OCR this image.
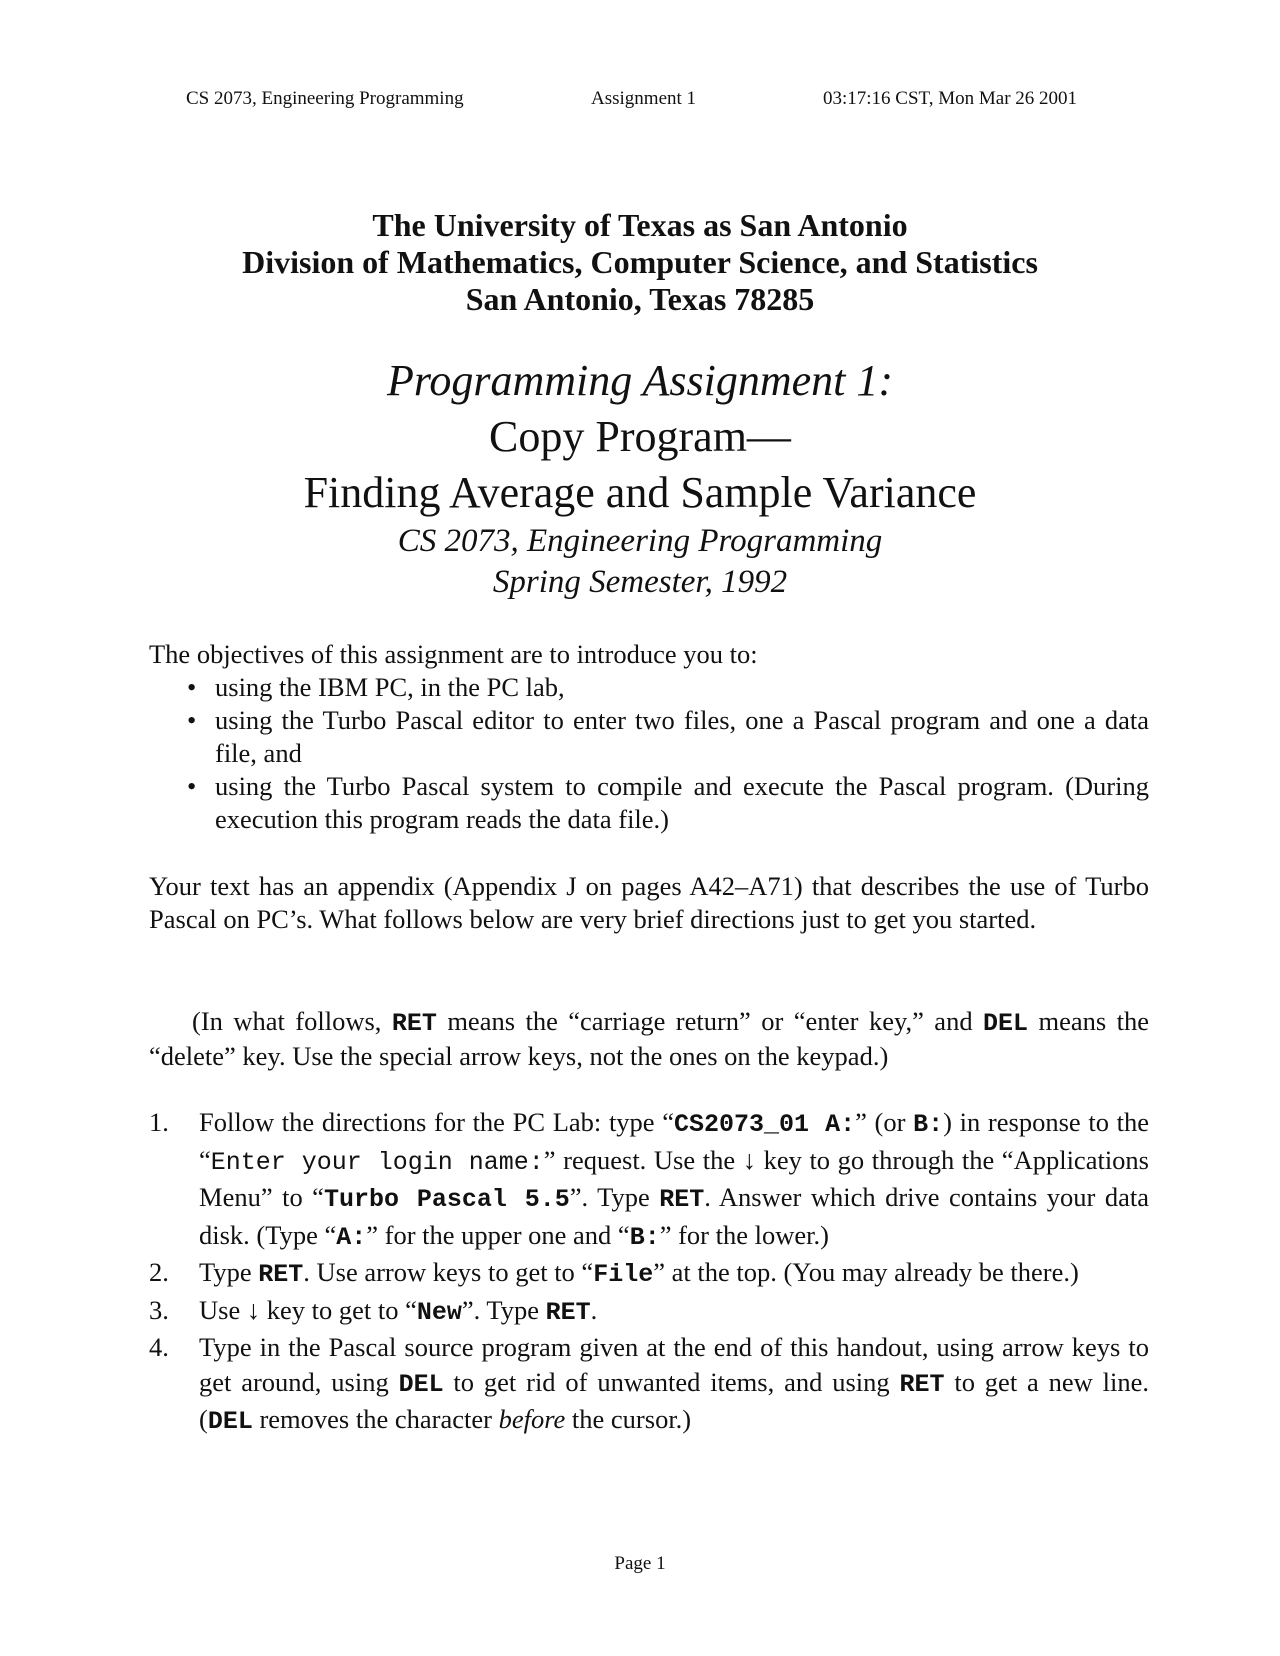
CS 2073, Engineering Programming	Assignment 1	03:17:16 CST, Mon Mar 26 2001
The University of Texas as San Antonio
Division of Mathematics, Computer Science, and Statistics
San Antonio, Texas 78285
Programming Assignment 1:
Copy Program—
Finding Average and Sample Variance
CS 2073, Engineering Programming
Spring Semester, 1992

The objectives of this assignment are to introduce you to:

• using the IBM PC, in the PC lab,
• using the Turbo Pascal editor to enter two files, one a Pascal program and one a data file, and
• using the Turbo Pascal system to compile and execute the Pascal program. (During execution this program reads the data file.)

Your text has an appendix (Appendix J on pages A42–A71) that describes the use of Turbo Pascal on PC’s. What follows below are very brief directions just to get you started.

(In what follows, RET means the “carriage return” or “enter key,” and DEL means the “delete” key. Use the special arrow keys, not the ones on the keypad.)

1. Follow the directions for the PC Lab: type “CS2073_01 A:” (or B:) in response to the “Enter your login name:” request. Use the ↓ key to go through the “Applications Menu” to “Turbo Pascal 5.5”. Type RET. Answer which drive contains your data disk. (Type “A:” for the upper one and “B:” for the lower.)
2. Type RET. Use arrow keys to get to “File” at the top. (You may already be there.)
3. Use ↓ key to get to “New”. Type RET.
4. Type in the Pascal source program given at the end of this handout, using arrow keys to get around, using DEL to get rid of unwanted items, and using RET to get a new line. (DEL removes the character before the cursor.)
Page 1
